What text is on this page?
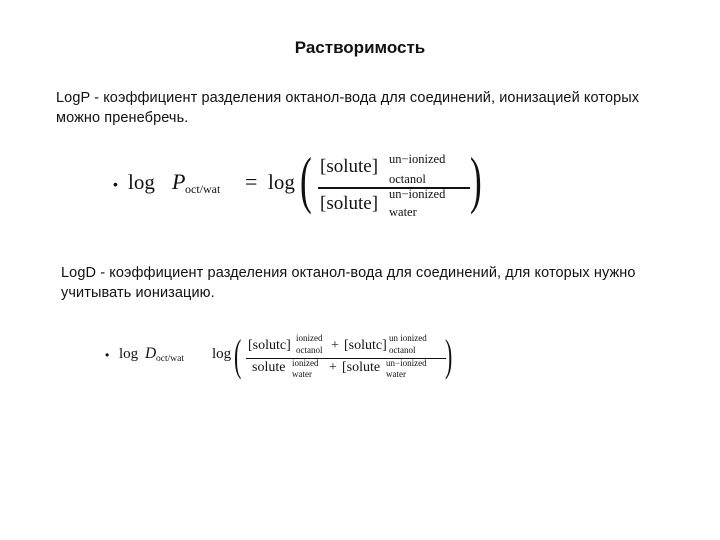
Растворимость
LogP - коэффициент разделения октанол-вода для соединений, ионизацией которых можно пренебречь.
• log P oct/wat = log ( [solute] un−ionized
octanol
[solute] un−ionized
water )
LogD - коэффициент разделения октанол-вода для соединений, для которых нужно учитывать ионизацию.
• log D oct/wat log ( [solutc] ionized
octanol + [solutc] un ionized
octanol
solute ionized
water + [solute un−ionized
water )
